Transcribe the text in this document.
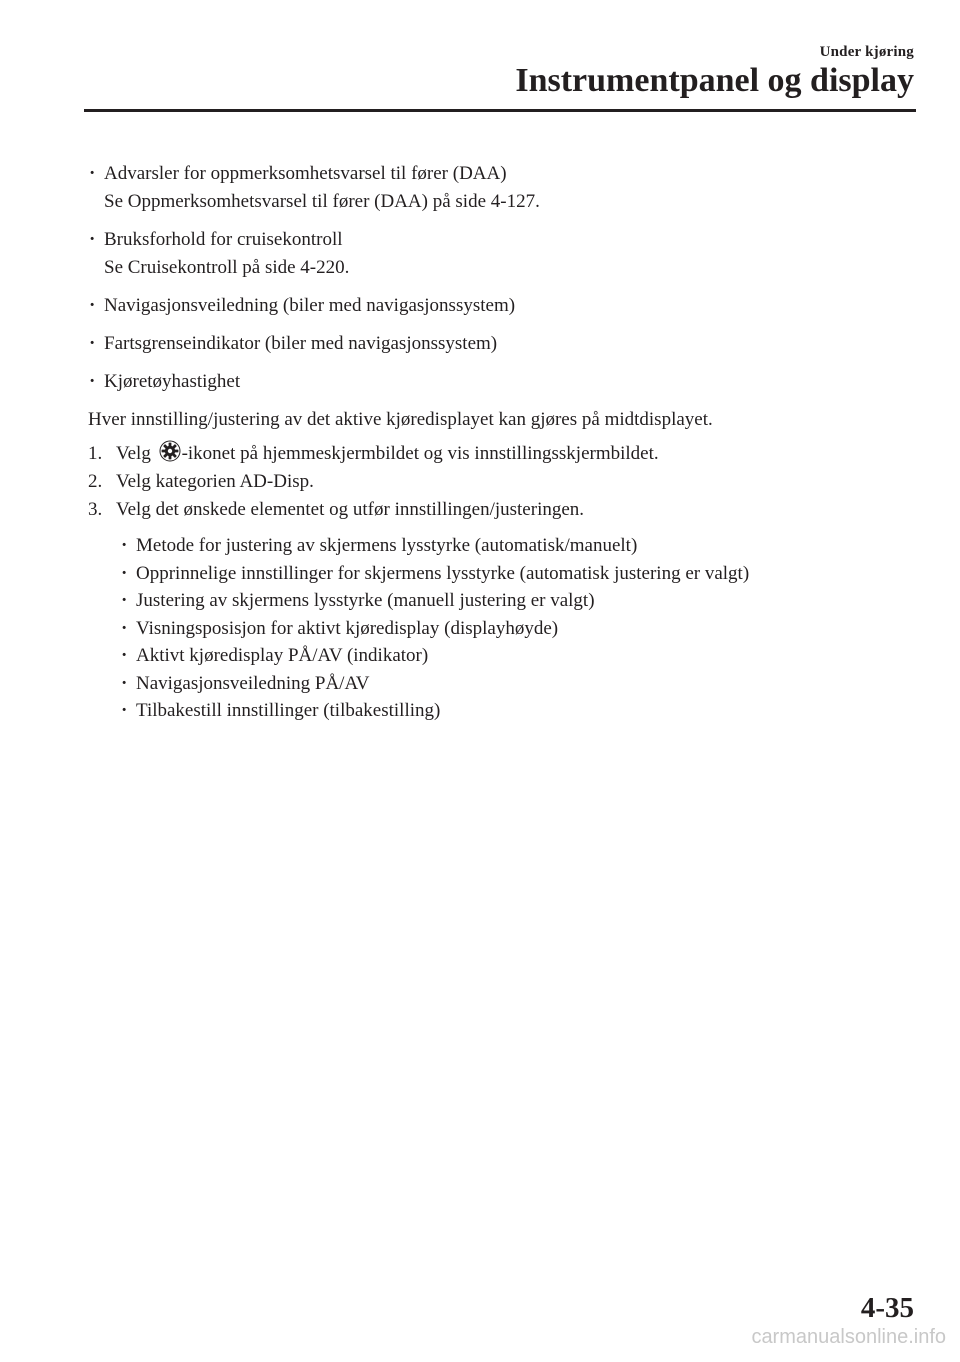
Under kjøring
Instrumentpanel og display
· Advarsler for oppmerksomhetsvarsel til fører (DAA)
Se Oppmerksomhetsvarsel til fører (DAA) på side 4-127.
· Bruksforhold for cruisekontroll
Se Cruisekontroll på side 4-220.
· Navigasjonsveiledning (biler med navigasjonssystem)
· Fartsgrenseindikator (biler med navigasjonssystem)
· Kjøretøyhastighet

Hver innstilling/justering av det aktive kjøredisplayet kan gjøres på midtdisplayet.

1. Velg -ikonet på hjemmeskjermbildet og vis innstillingsskjermbildet.
2. Velg kategorien AD-Disp.
3. Velg det ønskede elementet og utfør innstillingen/justeringen.
· Metode for justering av skjermens lysstyrke (automatisk/manuelt)
· Opprinnelige innstillinger for skjermens lysstyrke (automatisk justering er valgt)
· Justering av skjermens lysstyrke (manuell justering er valgt)
· Visningsposisjon for aktivt kjøredisplay (displayhøyde)
· Aktivt kjøredisplay PÅ/AV (indikator)
· Navigasjonsveiledning PÅ/AV
· Tilbakestill innstillinger (tilbakestilling)
4-35
carmanualsonline.info
